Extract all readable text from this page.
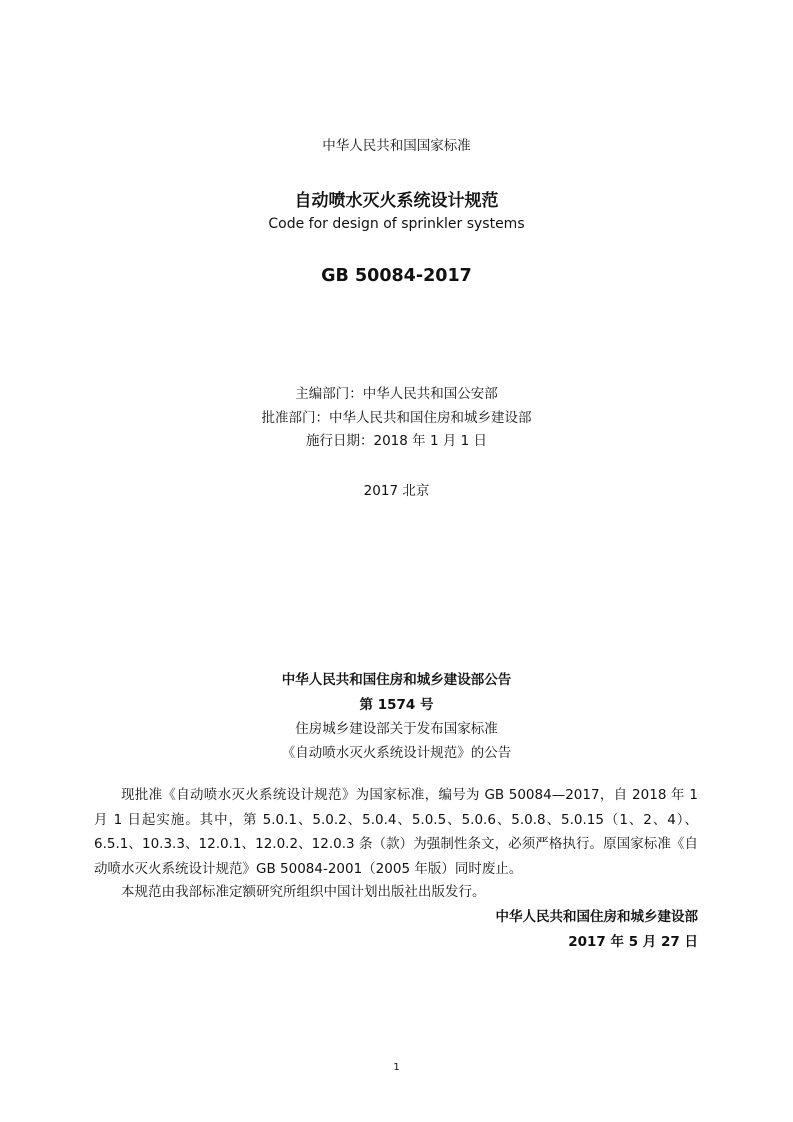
中华人民共和国国家标准
自动喷水灭火系统设计规范
Code for design of sprinkler systems
GB 50084-2017
主编部门：中华人民共和国公安部
批准部门：中华人民共和国住房和城乡建设部
施行日期：2018 年 1 月 1 日
2017 北京
中华人民共和国住房和城乡建设部公告
第 1574 号
住房城乡建设部关于发布国家标准
《自动喷水灭火系统设计规范》的公告

现批准《自动喷水灭火系统设计规范》为国家标准，编号为 GB 50084—2017，自 2018 年 1 月 1 日起实施。其中，第 5.0.1、5.0.2、5.0.4、5.0.5、5.0.6、5.0.8、5.0.15（1、2、4）、6.5.1、10.3.3、12.0.1、12.0.2、12.0.3 条（款）为强制性条文，必须严格执行。原国家标准《自动喷水灭火系统设计规范》GB 50084-2001（2005 年版）同时废止。

本规范由我部标准定额研究所组织中国计划出版社出版发行。

中华人民共和国住房和城乡建设部
2017 年 5 月 27 日
1
